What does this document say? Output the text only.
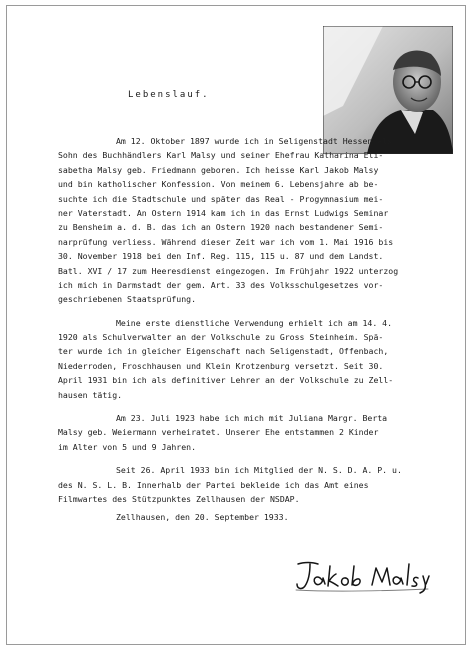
Lebenslauf.
Am 12. Oktober 1897 wurde ich in Seligenstadt Hessen als
Sohn des Buchhändlers Karl Malsy und seiner Ehefrau Katharina Eli-
sabetha Malsy geb. Friedmann geboren. Ich heisse Karl Jakob Malsy
und bin katholischer Konfession. Von meinem 6. Lebensjahre ab be-
suchte ich die Stadtschule und später das Real - Progymnasium mei-
ner Vaterstadt. An Ostern 1914 kam ich in das Ernst Ludwigs Seminar
zu Bensheim a. d. B. das ich an Ostern 1920 nach bestandener Semi-
narprüfung verliess. Während dieser Zeit war ich vom 1. Mai 1916 bis
30. November 1918 bei den Inf. Reg. 115, 115 u. 87 und dem Landst.
Batl. XVI / 17 zum Heeresdienst eingezogen. Im Frühjahr 1922 unterzog
ich mich in Darmstadt der gem. Art. 33 des Volksschulgesetzes vor-
geschriebenen Staatsprüfung.
Meine erste dienstliche Verwendung erhielt ich am 14. 4.
1920 als Schulverwalter an der Volkschule zu Gross Steinheim. Spä-
ter wurde ich in gleicher Eigenschaft nach Seligenstadt, Offenbach,
Niederroden, Froschhausen und Klein Krotzenburg versetzt. Seit 30.
April 1931 bin ich als definitiver Lehrer an der Volkschule zu Zell-
hausen tätig.
Am 23. Juli 1923 habe ich mich mit Juliana Margr. Berta
Malsy geb. Weiermann verheiratet. Unserer Ehe entstammen 2 Kinder
im Alter von 5 und 9 Jahren.
Seit 26. April 1933 bin ich Mitglied der N. S. D. A. P. u.
des N. S. L. B. Innerhalb der Partei bekleide ich das Amt eines
Filmwartes des Stützpunktes Zellhausen der NSDAP.
Zellhausen, den 20. September 1933.
